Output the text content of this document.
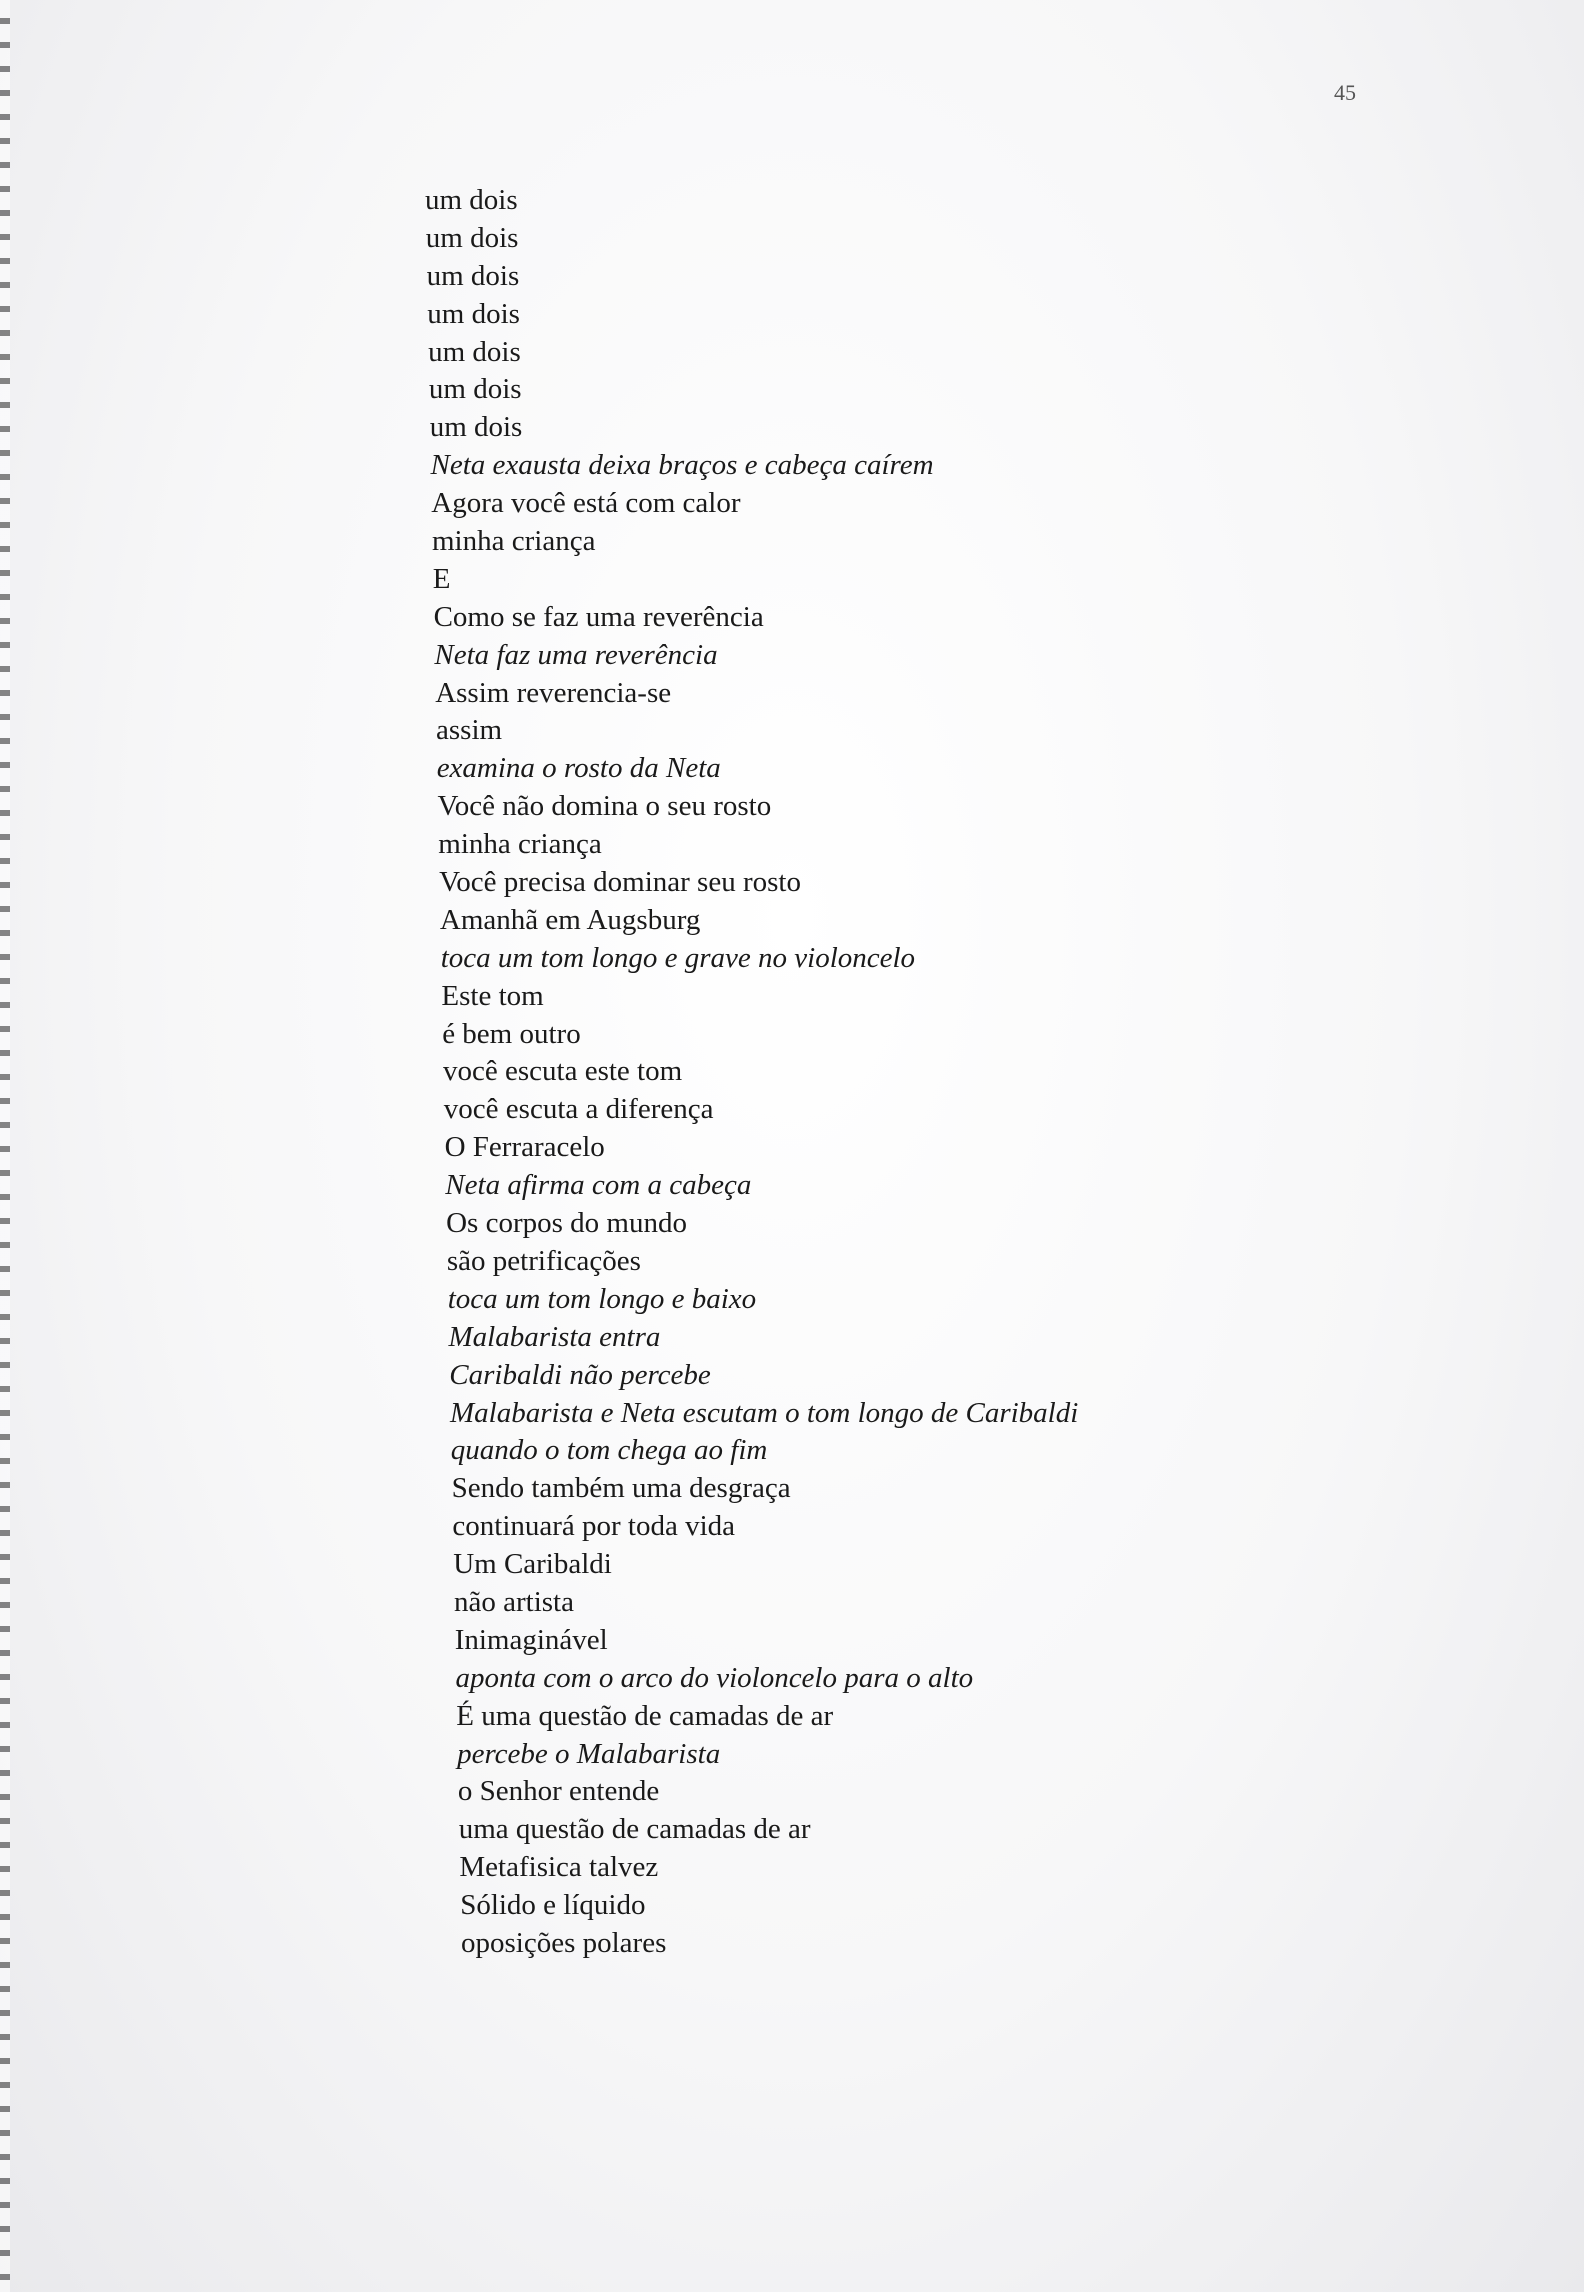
45
um dois
um dois
um dois
um dois
um dois
um dois
um dois
Neta exausta deixa braços e cabeça caírem
Agora você está com calor
minha criança
E
Como se faz uma reverência
Neta faz uma reverência
Assim reverencia-se
assim
examina o rosto da Neta
Você não domina o seu rosto
minha criança
Você precisa dominar seu rosto
Amanhã em Augsburg
toca um tom longo e grave no violoncelo
Este tom
é bem outro
você escuta este tom
você escuta a diferença
O Ferraracelo
Neta afirma com a cabeça
Os corpos do mundo
são petrificações
toca um tom longo e baixo
Malabarista entra
Caribaldi não percebe
Malabarista e Neta escutam o tom longo de Caribaldi
quando o tom chega ao fim
Sendo também uma desgraça
continuará por toda vida
Um Caribaldi
não artista
Inimaginável
aponta com o arco do violoncelo para o alto
É uma questão de camadas de ar
percebe o Malabarista
o Senhor entende
uma questão de camadas de ar
Metafisica talvez
Sólido e líquido
oposições polares
